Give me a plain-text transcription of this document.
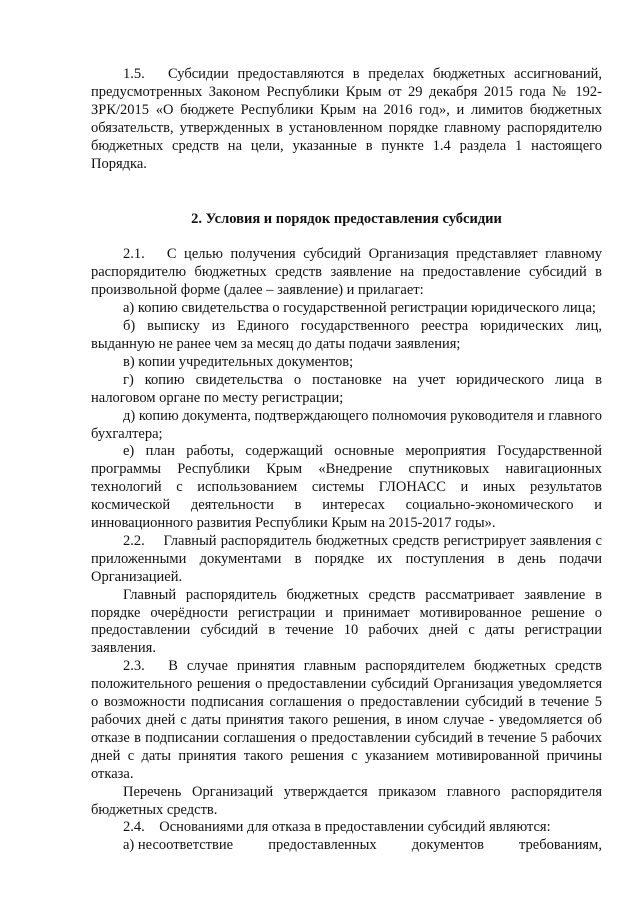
1.5.  Субсидии предоставляются в пределах бюджетных ассигнований, предусмотренных Законом Республики Крым от 29 декабря 2015 года № 192-ЗРК/2015 «О бюджете Республики Крым на 2016 год», и лимитов бюджетных обязательств, утвержденных в установленном порядке главному распорядителю бюджетных средств на цели, указанные в пункте 1.4 раздела 1 настоящего Порядка.

2. Условия и порядок предоставления субсидии

2.1.  С целью получения субсидий Организация представляет главному распорядителю бюджетных средств заявление на предоставление субсидий в произвольной форме (далее – заявление) и прилагает:

а) копию свидетельства о государственной регистрации юридического лица;

б) выписку из Единого государственного реестра юридических лиц, выданную не ранее чем за месяц до даты подачи заявления;

в) копии учредительных документов;

г) копию свидетельства о постановке на учет юридического лица в налоговом органе по месту регистрации;

д) копию документа, подтверждающего полномочия руководителя и главного бухгалтера;

е) план работы, содержащий основные мероприятия Государственной программы Республики Крым «Внедрение спутниковых навигационных технологий с использованием системы ГЛОНАСС и иных результатов космической деятельности в интересах социально-экономического и инновационного развития Республики Крым на 2015-2017 годы».

2.2.  Главный распорядитель бюджетных средств регистрирует заявления с приложенными документами в порядке их поступления в день подачи Организацией.

Главный распорядитель бюджетных средств рассматривает заявление в порядке очерёдности регистрации и принимает мотивированное решение о предоставлении субсидий в течение 10 рабочих дней с даты регистрации заявления.

2.3.  В случае принятия главным распорядителем бюджетных средств положительного решения о предоставлении субсидий Организация уведомляется о возможности подписания соглашения о предоставлении субсидий в течение 5 рабочих дней с даты принятия такого решения, в ином случае - уведомляется об отказе в подписании соглашения о предоставлении субсидий в течение 5 рабочих дней с даты принятия такого решения с указанием мотивированной причины отказа.

Перечень Организаций утверждается приказом главного распорядителя бюджетных средств.

2.4. Основаниями для отказа в предоставлении субсидий являются:

а) несоответствие предоставленных документов требованиям,
